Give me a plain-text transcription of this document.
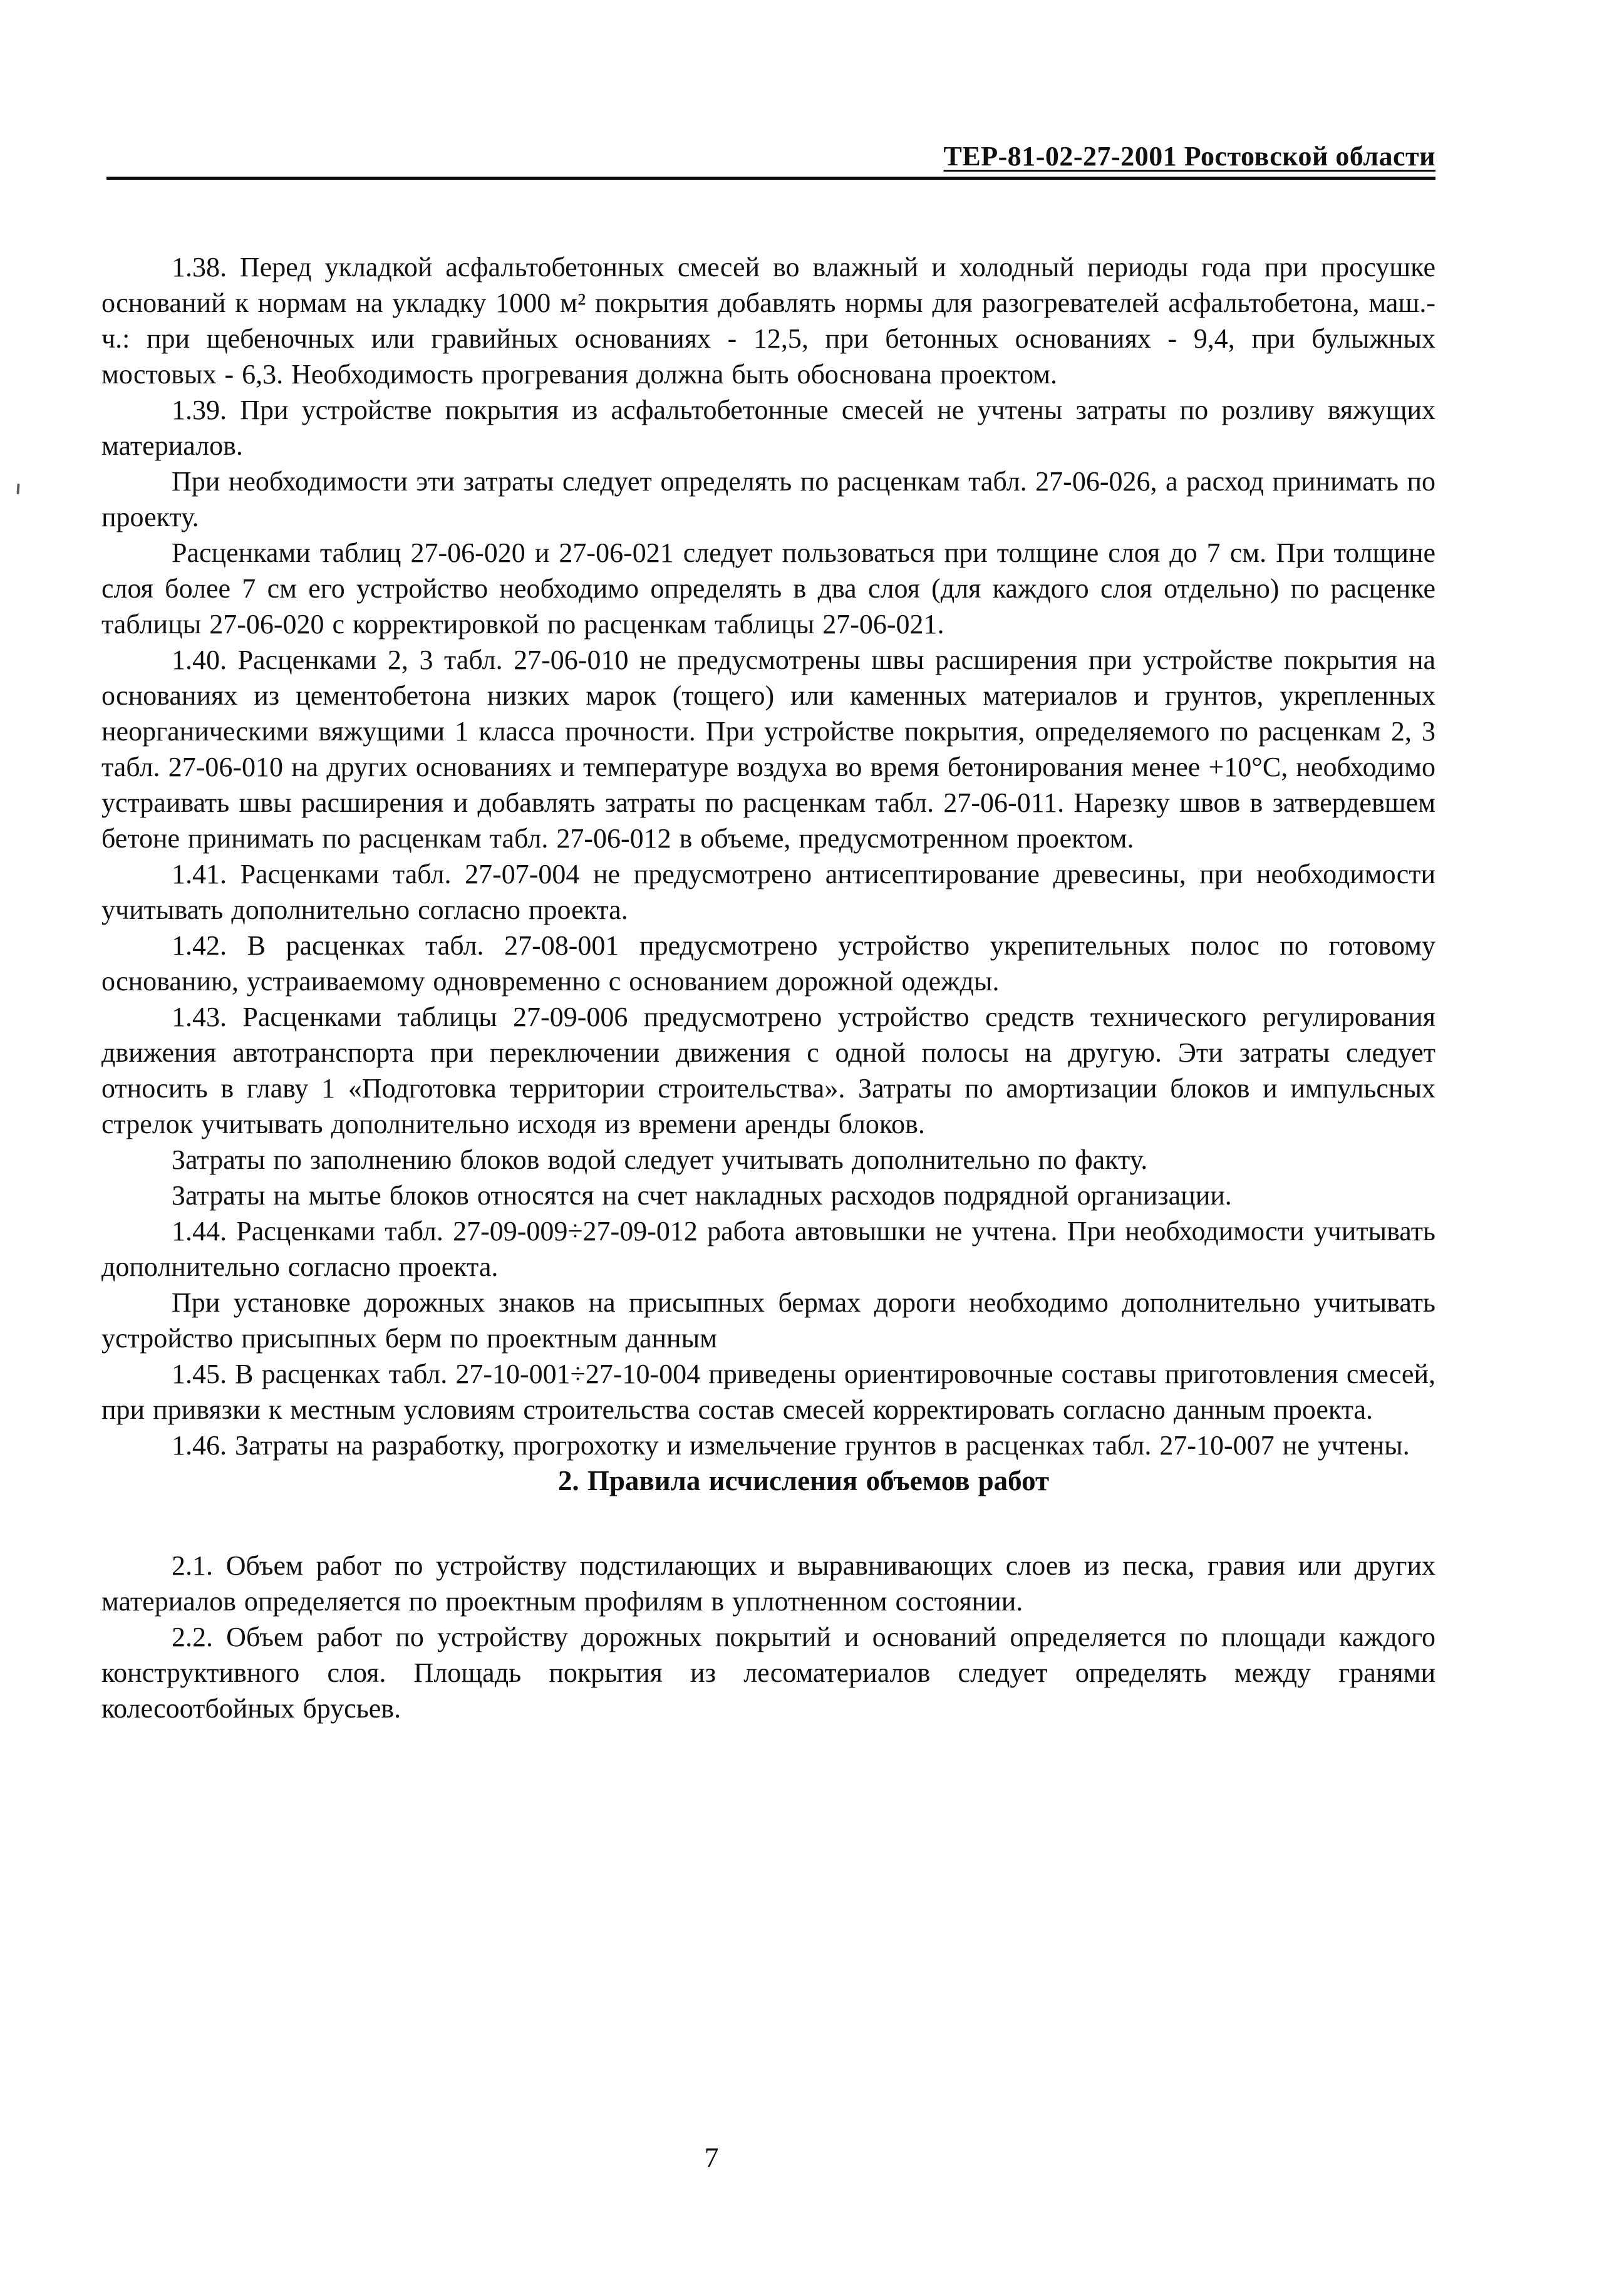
ТЕР-81-02-27-2001 Ростовской области

1.38. Перед укладкой асфальтобетонных смесей во влажный и холодный периоды года при просушке оснований к нормам на укладку 1000 м² покрытия добавлять нормы для разогревателей асфальтобетона, маш.-ч.: при щебеночных или гравийных основаниях - 12,5, при бетонных основаниях - 9,4, при булыжных мостовых - 6,3. Необходимость прогревания должна быть обоснована проектом.

1.39. При устройстве покрытия из асфальтобетонные смесей не учтены затраты по розливу вяжущих материалов.

При необходимости эти затраты следует определять по расценкам табл. 27-06-026, а расход принимать по проекту.

Расценками таблиц 27-06-020 и 27-06-021 следует пользоваться при толщине слоя до 7 см. При толщине слоя более 7 см его устройство необходимо определять в два слоя (для каждого слоя отдельно) по расценке таблицы 27-06-020 с корректировкой по расценкам таблицы 27-06-021.

1.40. Расценками 2, 3 табл. 27-06-010 не предусмотрены швы расширения при устройстве покрытия на основаниях из цементобетона низких марок (тощего) или каменных материалов и грунтов, укрепленных неорганическими вяжущими 1 класса прочности. При устройстве покрытия, определяемого по расценкам 2, 3 табл. 27-06-010 на других основаниях и температуре воздуха во время бетонирования менее +10°С, необходимо устраивать швы расширения и добавлять затраты по расценкам табл. 27-06-011. Нарезку швов в затвердевшем бетоне принимать по расценкам табл. 27-06-012 в объеме, предусмотренном проектом.

1.41. Расценками табл. 27-07-004 не предусмотрено антисептирование древесины, при необходимости учитывать дополнительно согласно проекта.

1.42. В расценках табл. 27-08-001 предусмотрено устройство укрепительных полос по готовому основанию, устраиваемому одновременно с основанием дорожной одежды.

1.43. Расценками таблицы 27-09-006 предусмотрено устройство средств технического регулирования движения автотранспорта при переключении движения с одной полосы на другую. Эти затраты следует относить в главу 1 «Подготовка территории строительства». Затраты по амортизации блоков и импульсных стрелок учитывать дополнительно исходя из времени аренды блоков.

Затраты по заполнению блоков водой следует учитывать дополнительно по факту.

Затраты на мытье блоков относятся на счет накладных расходов подрядной организации.

1.44. Расценками табл. 27-09-009÷27-09-012 работа автовышки не учтена. При необходимости учитывать дополнительно согласно проекта.

При установке дорожных знаков на присыпных бермах дороги необходимо дополнительно учитывать устройство присыпных берм по проектным данным

1.45. В расценках табл. 27-10-001÷27-10-004 приведены ориентировочные составы приготовления смесей, при привязки к местным условиям строительства состав смесей корректировать согласно данным проекта.

1.46. Затраты на разработку, прогрохотку и измельчение грунтов в расценках табл. 27-10-007 не учтены.

2. Правила исчисления объемов работ

2.1. Объем работ по устройству подстилающих и выравнивающих слоев из песка, гравия или других материалов определяется по проектным профилям в уплотненном состоянии.

2.2. Объем работ по устройству дорожных покрытий и оснований определяется по площади каждого конструктивного слоя. Площадь покрытия из лесоматериалов следует определять между гранями колесоотбойных брусьев.

7
